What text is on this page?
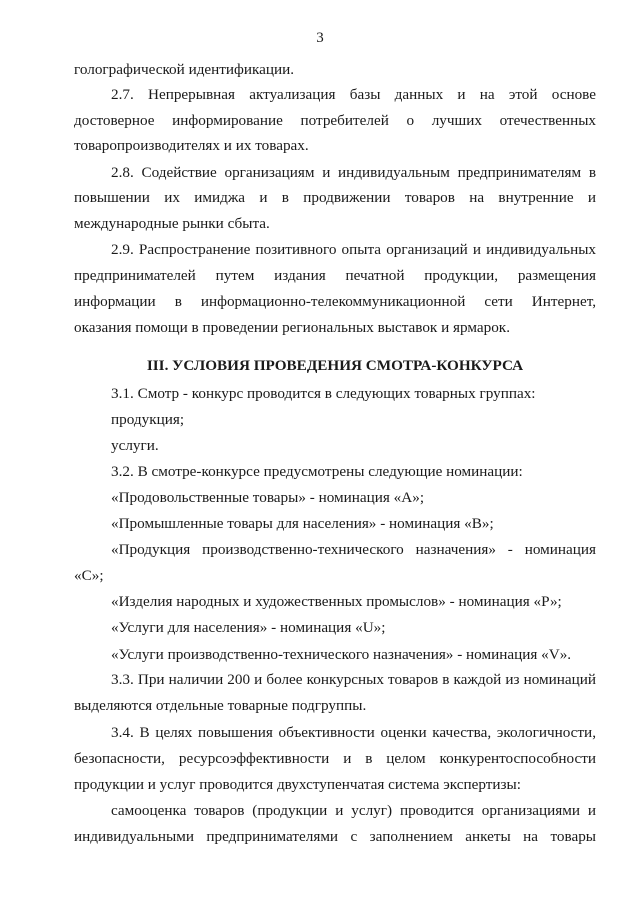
3
голографической идентификации.
2.7. Непрерывная актуализация базы данных и на этой основе
достоверное информирование потребителей о лучших отечественных
товаропроизводителях и их товарах.
2.8. Содействие организациям и индивидуальным предпринимателям в
повышении их имиджа и в продвижении товаров на внутренние и
международные рынки сбыта.
2.9. Распространение позитивного опыта организаций и индивидуальных
предпринимателей путем издания печатной продукции, размещения
информации в информационно-телекоммуникационной сети Интернет,
оказания помощи в проведении региональных выставок и ярмарок.
III. УСЛОВИЯ ПРОВЕДЕНИЯ СМОТРА-КОНКУРСА
3.1. Смотр - конкурс проводится в следующих товарных группах:
продукция;
услуги.
3.2. В смотре-конкурсе предусмотрены следующие номинации:
«Продовольственные товары» - номинация «А»;
«Промышленные товары для населения» - номинация «В»;
«Продукция производственно-технического назначения» - номинация
«С»;
«Изделия народных и художественных промыслов» - номинация «Р»;
«Услуги для населения» - номинация «U»;
«Услуги производственно-технического назначения» - номинация «V».
3.3. При наличии 200 и более конкурсных товаров в каждой из номинаций
выделяются отдельные товарные подгруппы.
3.4. В целях повышения объективности оценки качества, экологичности,
безопасности, ресурсоэффективности и в целом конкурентоспособности
продукции и услуг проводится двухступенчатая система экспертизы:
самооценка товаров (продукции и услуг) проводится организациями и
индивидуальными предпринимателями с заполнением анкеты на товары
